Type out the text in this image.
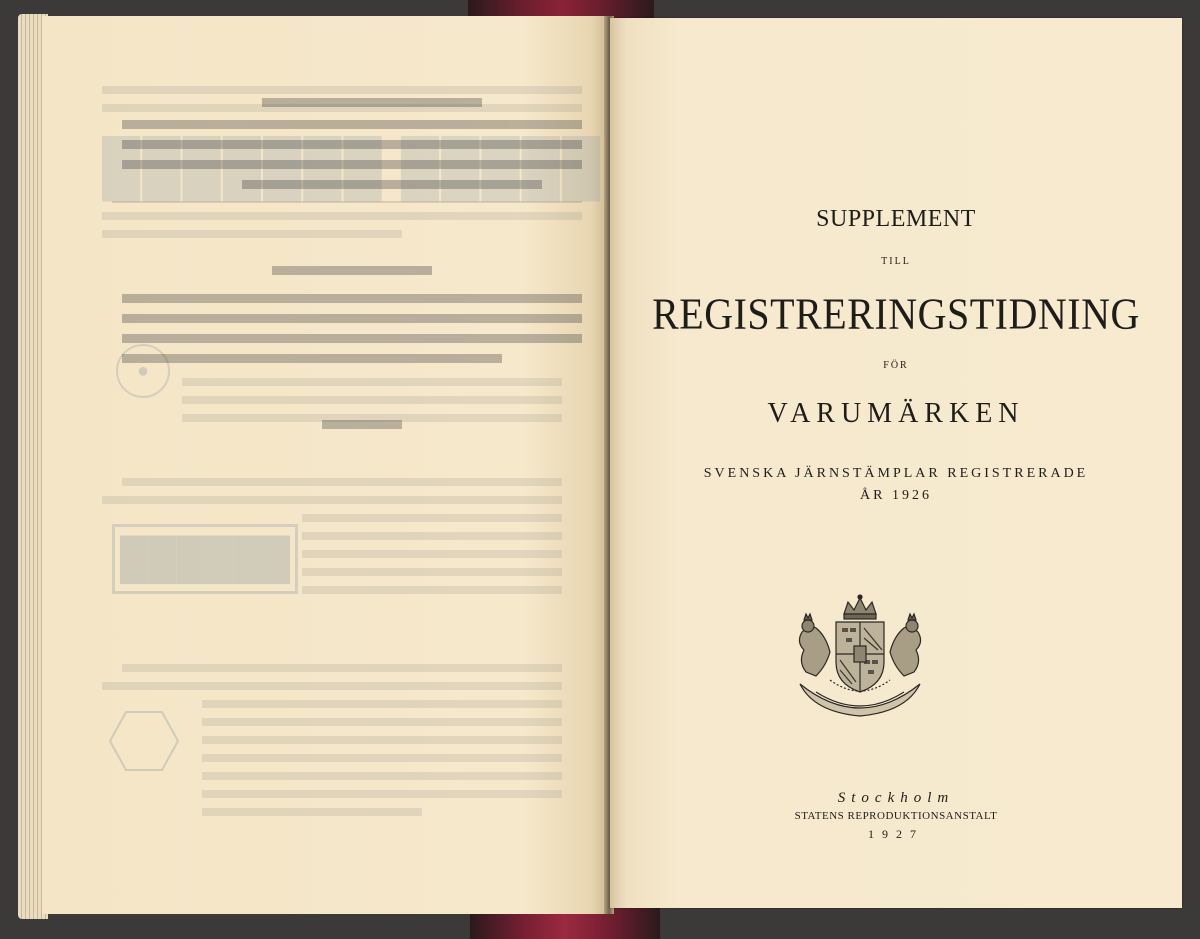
███████ █████
●
██████
SUPPLEMENT
TILL
REGISTRERINGSTIDNING
FÖR
VARUMÄRKEN
SVENSKA JÄRNSTÄMPLAR REGISTRERADE
ÅR 1926
Stockholm
STATENS REPRODUKTIONSANSTALT
1927
